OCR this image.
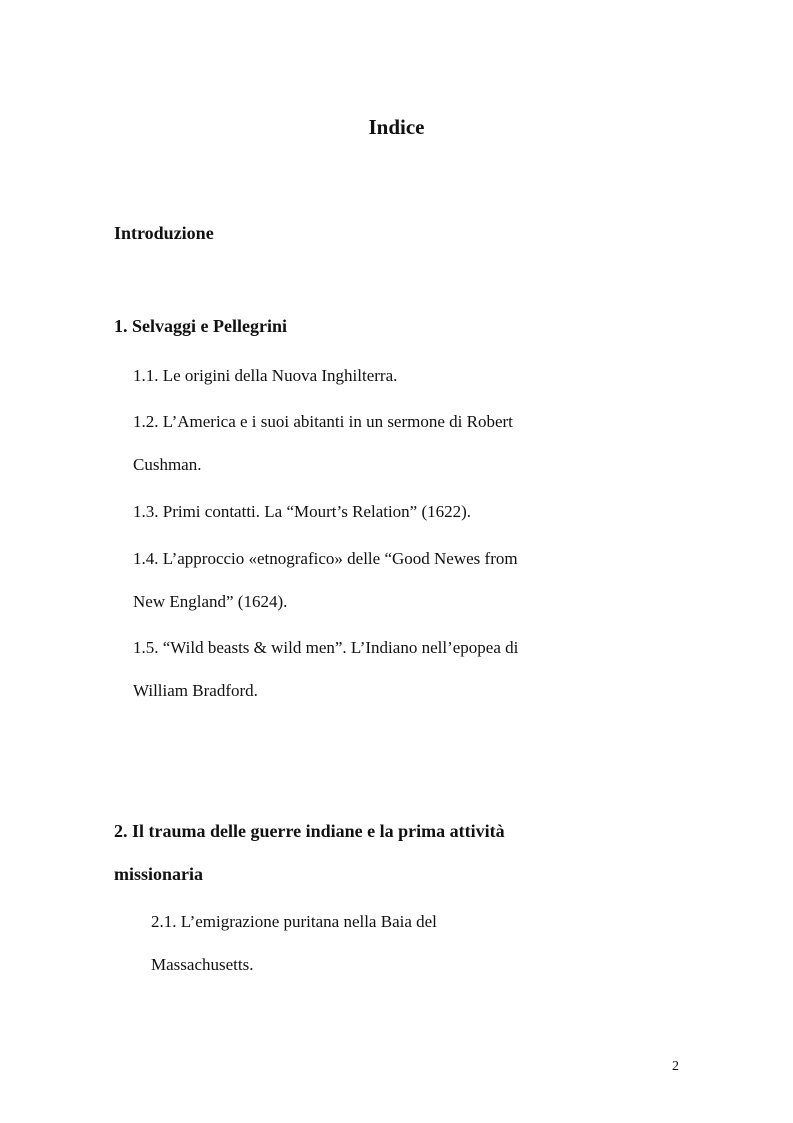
Indice

Introduzione

1. Selvaggi e Pellegrini

1.1. Le origini della Nuova Inghilterra.

1.2. L’America e i suoi abitanti in un sermone di Robert

Cushman.

1.3. Primi contatti. La “Mourt’s Relation” (1622).

1.4. L’approccio «etnografico» delle “Good Newes from

New England” (1624).

1.5. “Wild beasts & wild men”. L’Indiano nell’epopea di

William Bradford.

2. Il trauma delle guerre indiane e la prima attività

missionaria

2.1. L’emigrazione puritana nella Baia del

Massachusetts.

2
